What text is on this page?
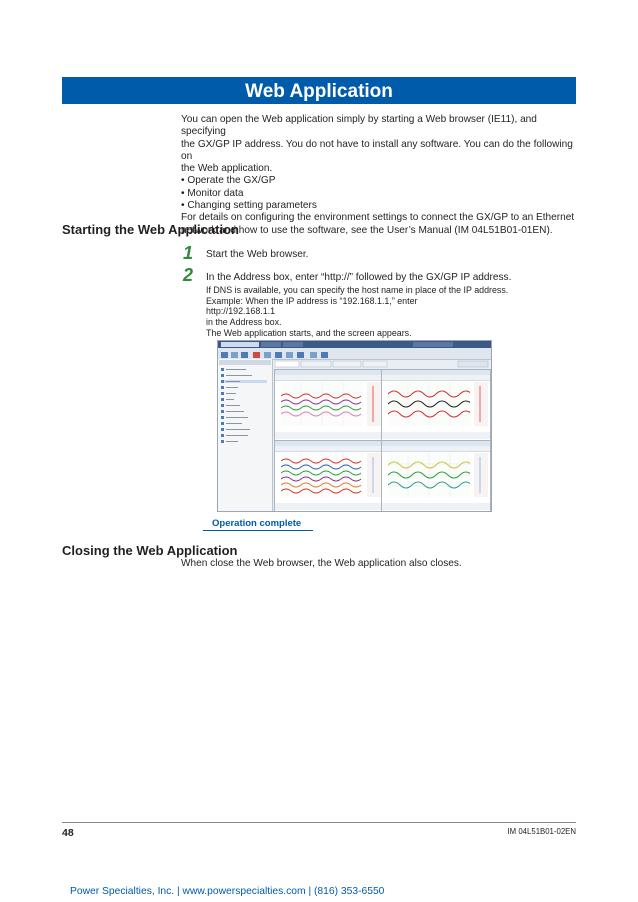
Web Application

You can open the Web application simply by starting a Web browser (IE11), and specifying

the GX/GP IP address. You do not have to install any software. You can do the following on

the Web application.

• Operate the GX/GP

• Monitor data

• Changing setting parameters

For details on configuring the environment settings to connect the GX/GP to an Ethernet

network and how to use the software, see the User’s Manual (IM 04L51B01-01EN).

Starting the Web Application
1 Start the Web browser.
2 In the Address box, enter “http://” followed by the GX/GP IP address.

If DNS is available, you can specify the host name in place of the IP address.

Example: When the IP address is “192.168.1.1,” enter

http://192.168.1.1

in the Address box.

The Web application starts, and the screen appears.

Operation complete
Closing the Web Application
When close the Web browser, the Web application also closes.
48	IM 04L51B01-02EN
Power Specialties, Inc. | www.powerspecialties.com | (816) 353-6550
